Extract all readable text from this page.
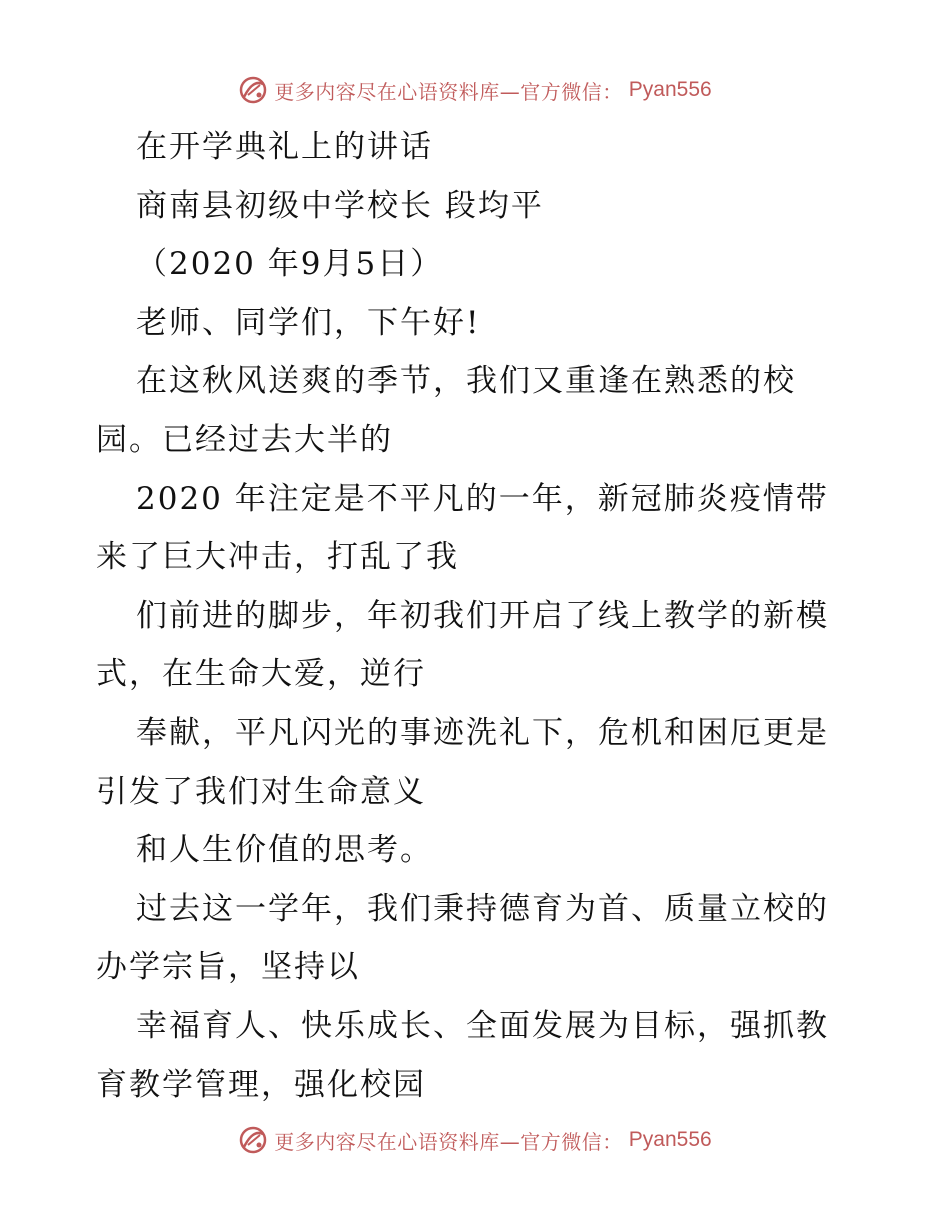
更多内容尽在心语资料库—官方微信： Pyan556
在开学典礼上的讲话
商南县初级中学校长 段均平
（2020 年9月5日）
老师、同学们，下午好!
在这秋风送爽的季节，我们又重逢在熟悉的校
园。已经过去大半的
2020 年注定是不平凡的一年，新冠肺炎疫情带
来了巨大冲击，打乱了我
们前进的脚步，年初我们开启了线上教学的新模
式，在生命大爱，逆行
奉献，平凡闪光的事迹洗礼下，危机和困厄更是
引发了我们对生命意义
和人生价值的思考。
过去这一学年，我们秉持德育为首、质量立校的
办学宗旨，坚持以
幸福育人、快乐成长、全面发展为目标，强抓教
育教学管理，强化校园
更多内容尽在心语资料库—官方微信： Pyan556
